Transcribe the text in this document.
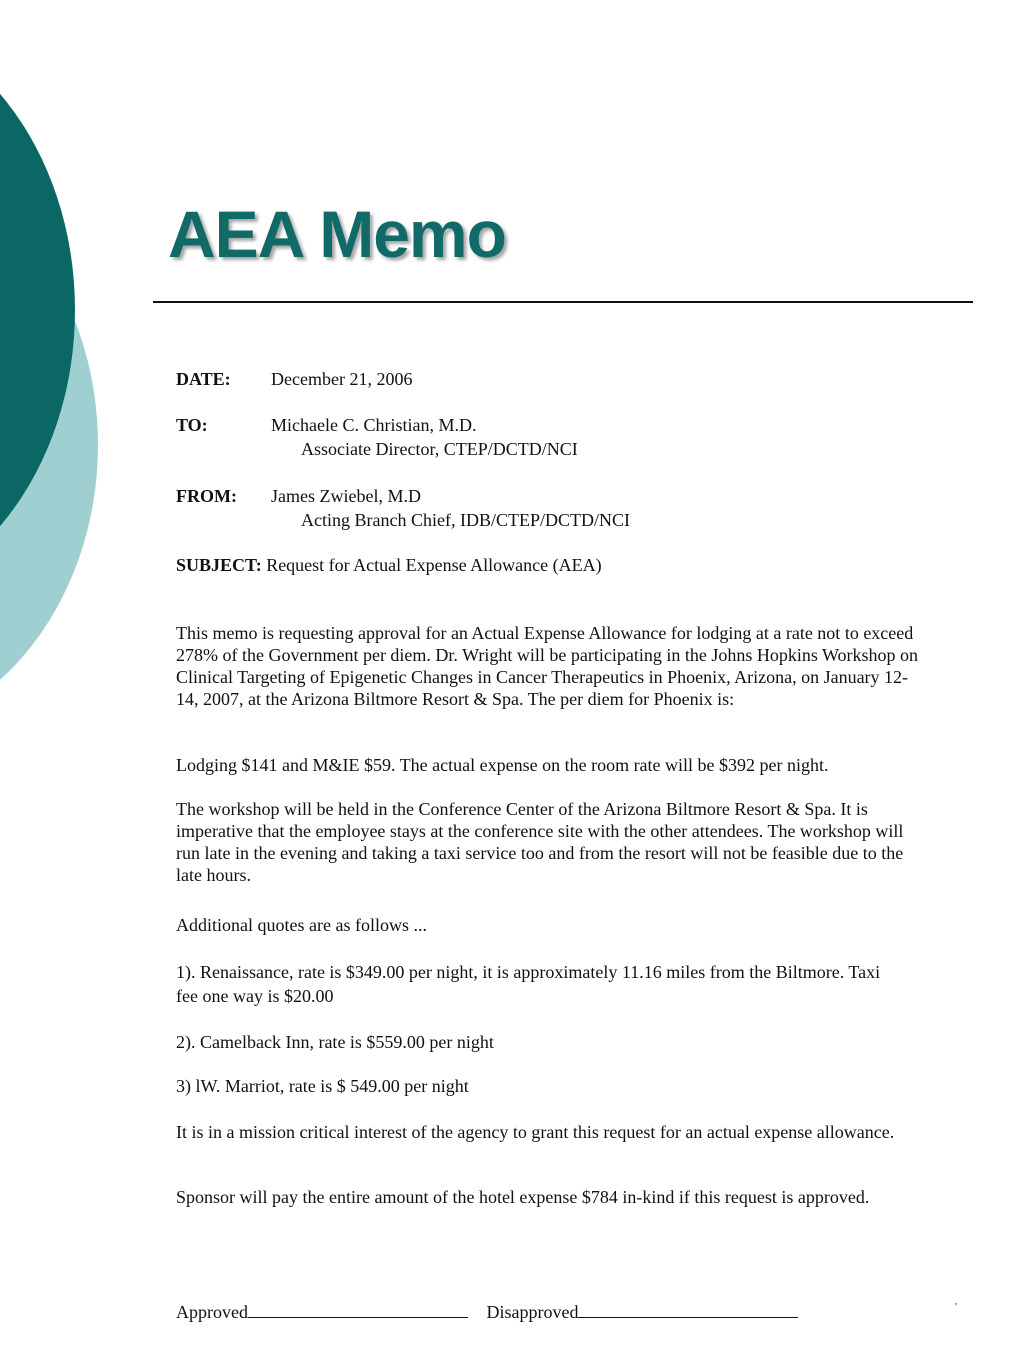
AEA Memo
DATE: December 21, 2006
TO:	Michaele C. Christian, M.D.
Associate Director, CTEP/DCTD/NCI
FROM: James Zwiebel, M.D
Acting Branch Chief, IDB/CTEP/DCTD/NCI
SUBJECT: Request for Actual Expense Allowance (AEA)

This memo is requesting approval for an Actual Expense Allowance for lodging at a rate not to exceed 278% of the Government per diem. Dr. Wright will be participating in the Johns Hopkins Workshop on Clinical Targeting of Epigenetic Changes in Cancer Therapeutics in Phoenix, Arizona, on January 12-14, 2007, at the Arizona Biltmore Resort & Spa. The per diem for Phoenix is:

Lodging $141 and M&IE $59. The actual expense on the room rate will be $392 per night.

The workshop will be held in the Conference Center of the Arizona Biltmore Resort & Spa. It is imperative that the employee stays at the conference site with the other attendees. The workshop will run late in the evening and taking a taxi service too and from the resort will not be feasible due to the late hours.

Additional quotes are as follows ...

1). Renaissance, rate is $349.00 per night, it is approximately 11.16 miles from the Biltmore. Taxi fee one way is $20.00

2). Camelback Inn, rate is $559.00 per night

3) lW. Marriot, rate is $ 549.00 per night

It is in a mission critical interest of the agency to grant this request for an actual expense allowance.

Sponsor will pay the entire amount of the hotel expense $784 in-kind if this request is approved.

Approved	Disapproved	'
